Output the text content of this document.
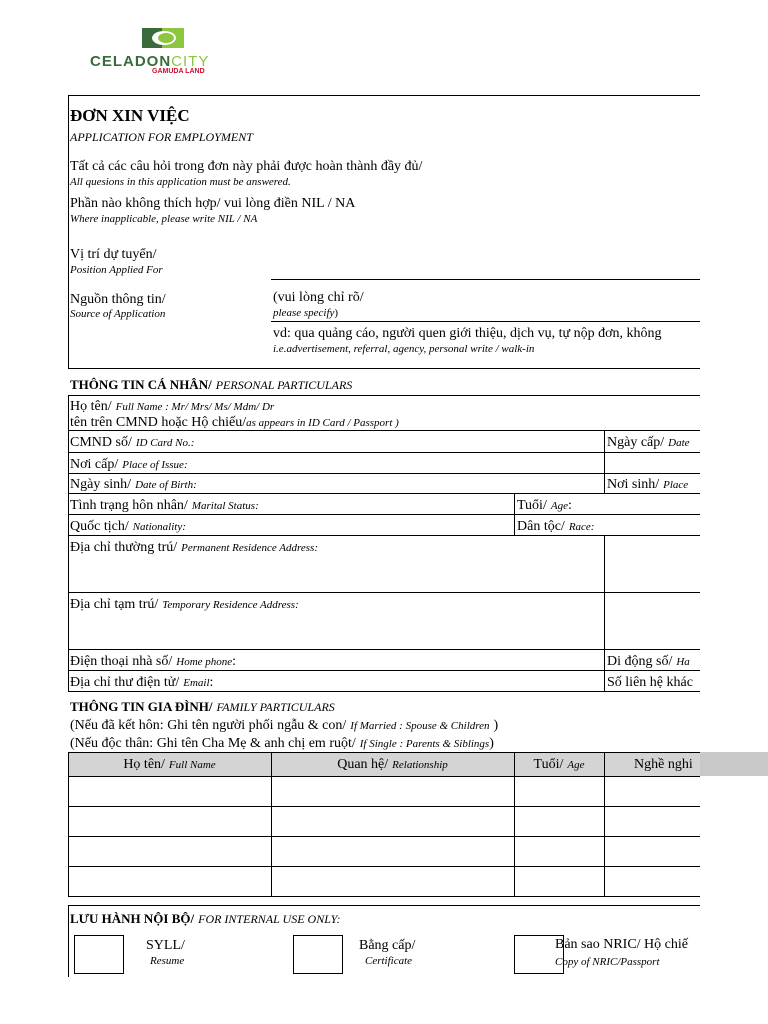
CELADONCITY
GAMUDA LAND
ĐƠN XIN VIỆC
APPLICATION FOR EMPLOYMENT
Tất cả các câu hỏi trong đơn này phải được hoàn thành đầy đủ/
All quesions in this application must be answered.
Phần nào không thích hợp/ vui lòng điền NIL / NA
Where inapplicable, please write NIL / NA
Vị trí dự tuyển/
Position Applied For
Nguồn thông tin/
Source of Application
(vui lòng chỉ rõ/
please specify)
vd: qua quảng cáo, người quen giới thiệu, dịch vụ, tự nộp đơn, không
i.e.advertisement, referral, agency, personal write / walk-in
THÔNG TIN CÁ NHÂN/ PERSONAL PARTICULARS
Họ tên/ Full Name : Mr/ Mrs/ Ms/ Mdm/ Dr
tên trên CMND hoặc Hộ chiếu/as appears in ID Card / Passport )
CMND số/ ID Card No.:	Ngày cấp/ Date
Nơi cấp/ Place of Issue:
Ngày sinh/ Date of Birth:	Nơi sinh/ Place
Tình trạng hôn nhân/ Marital Status:	Tuổi/ Age:
Quốc tịch/ Nationality:	Dân tộc/ Race:
Địa chỉ thường trú/ Permanent Residence Address:
Địa chỉ tạm trú/ Temporary Residence Address:
Điện thoại nhà số/ Home phone:	Di động số/ Ha
Địa chỉ thư điện tử/ Email:	Số liên hệ khác
THÔNG TIN GIA ĐÌNH/ FAMILY PARTICULARS
(Nếu đã kết hôn: Ghi tên người phối ngẫu & con/ If Married : Spouse & Children )
(Nếu độc thân: Ghi tên Cha Mẹ & anh chị em ruột/ If Single : Parents & Siblings)
Họ tên/ Full Name	Quan hệ/ Relationship	Tuổi/ Age	Nghề nghi
LƯU HÀNH NỘI BỘ/ FOR INTERNAL USE ONLY:
SYLL/
Resume
Bằng cấp/
Certificate
Bản sao NRIC/ Hộ chiế
Copy of NRIC/Passport
